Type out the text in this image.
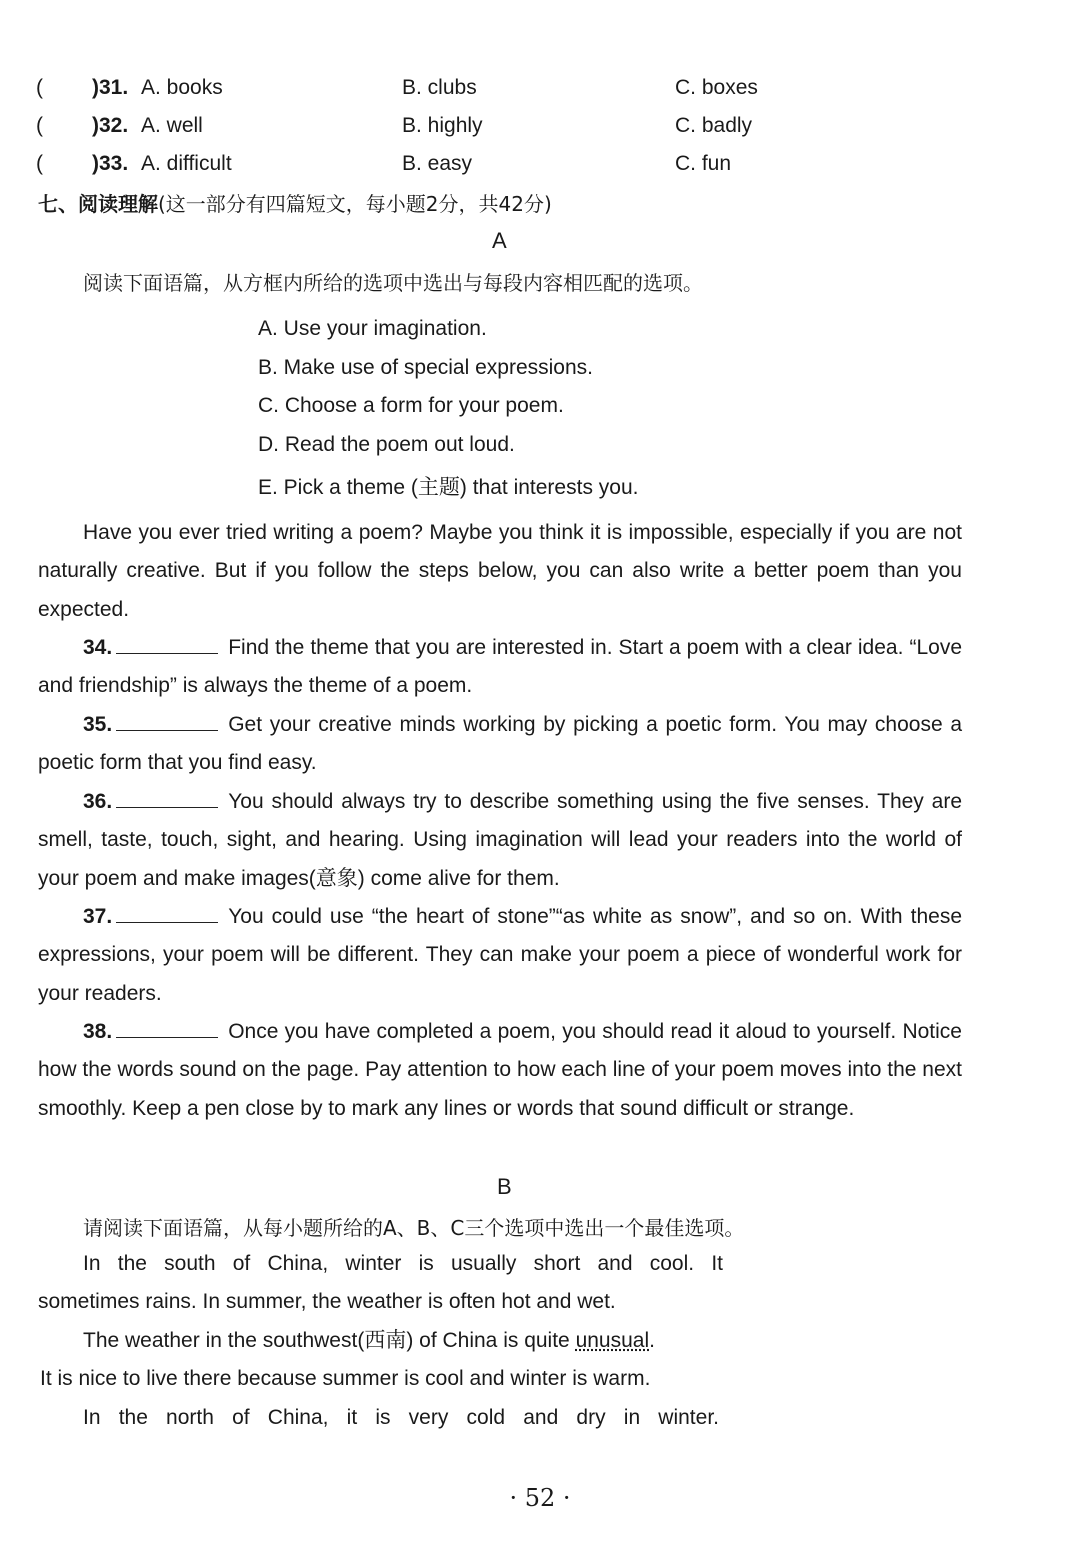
( )31. A. books	B. clubs	C. boxes
( )32. A. well	B. highly	C. badly
( )33. A. difficult	B. easy	C. fun
七、阅读理解(这一部分有四篇短文，每小题2分，共42分)
A
阅读下面语篇，从方框内所给的选项中选出与每段内容相匹配的选项。
A. Use your imagination.
B. Make use of special expressions.
C. Choose a form for your poem.
D. Read the poem out loud.
E. Pick a theme (主题) that interests you.
Have you ever tried writing a poem? Maybe you think it is impossible, especially if you are not naturally creative. But if you follow the steps below, you can also write a better poem than you expected.
34.	Find the theme that you are interested in. Start a poem with a clear idea. “Love and friendship” is always the theme of a poem.
35.	Get your creative minds working by picking a poetic form. You may choose a poetic form that you find easy.
36.	You should always try to describe something using the five senses. They are smell, taste, touch, sight, and hearing. Using imagination will lead your readers into the world of your poem and make images(意象) come alive for them.
37.	You could use “the heart of stone”“as white as snow”, and so on. With these expressions, your poem will be different. They can make your poem a piece of wonderful work for your readers.
38.	Once you have completed a poem, you should read it aloud to yourself. Notice how the words sound on the page. Pay attention to how each line of your poem moves into the next smoothly. Keep a pen close by to mark any lines or words that sound difficult or strange.
B
请阅读下面语篇，从每小题所给的A、B、C三个选项中选出一个最佳选项。
In the south of China, winter is usually short and cool. It
sometimes rains. In summer, the weather is often hot and wet.
The weather in the southwest(西南) of China is quite unusual.
It is nice to live there because summer is cool and winter is warm.
In the north of China, it is very cold and dry in winter.
· 52 ·
